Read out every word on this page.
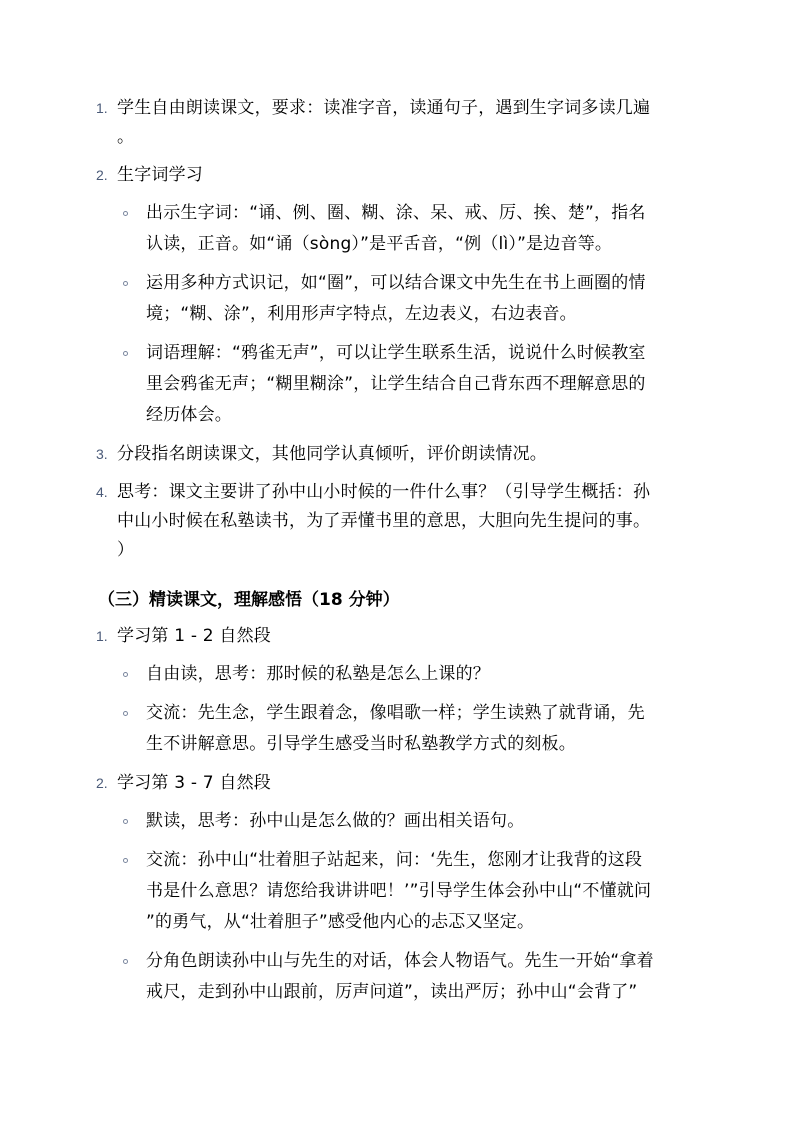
1. 学生自由朗读课文，要求：读准字音，读通句子，遇到生字词多读几遍
。
2. 生字词学习
出示生字词：“诵、例、圈、糊、涂、呆、戒、厉、挨、楚”，指名
认读，正音。如“诵（sòng）”是平舌音，“例（lì）”是边音等。
运用多种方式识记，如“圈”，可以结合课文中先生在书上画圈的情
境；“糊、涂”，利用形声字特点，左边表义，右边表音。
词语理解：“鸦雀无声”，可以让学生联系生活，说说什么时候教室
里会鸦雀无声；“糊里糊涂”，让学生结合自己背东西不理解意思的
经历体会。
3. 分段指名朗读课文，其他同学认真倾听，评价朗读情况。
4. 思考：课文主要讲了孙中山小时候的一件什么事？（引导学生概括：孙
中山小时候在私塾读书，为了弄懂书里的意思，大胆向先生提问的事。
）
（三）精读课文，理解感悟（18 分钟）
1. 学习第 1 - 2 自然段
自由读，思考：那时候的私塾是怎么上课的？
交流：先生念，学生跟着念，像唱歌一样；学生读熟了就背诵，先
生不讲解意思。引导学生感受当时私塾教学方式的刻板。
2. 学习第 3 - 7 自然段
默读，思考：孙中山是怎么做的？画出相关语句。
交流：孙中山“壮着胆子站起来，问：‘先生，您刚才让我背的这段
书是什么意思？请您给我讲讲吧！’”引导学生体会孙中山“不懂就问
”的勇气，从“壮着胆子”感受他内心的忐忑又坚定。
分角色朗读孙中山与先生的对话，体会人物语气。先生一开始“拿着
戒尺，走到孙中山跟前，厉声问道”，读出严厉；孙中山“会背了”
